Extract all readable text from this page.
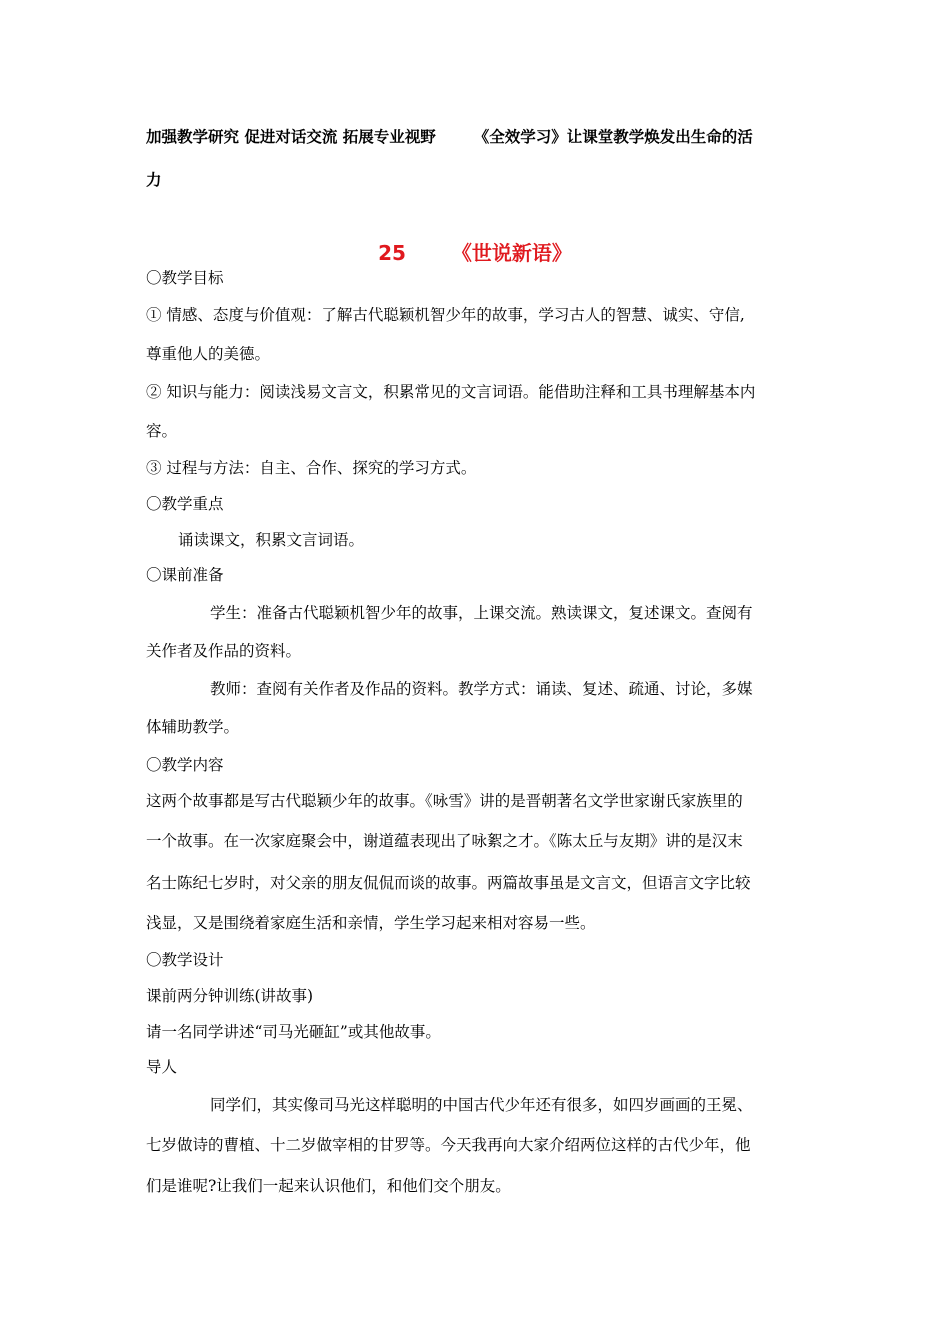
加强教学研究 促进对话交流 拓展专业视野 《全效学习》让课堂教学焕发出生命的活
力
25 《世说新语》
〇教学目标
① 情感、态度与价值观：了解古代聪颖机智少年的故事，学习古人的智慧、诚实、守信,
尊重他人的美德。
② 知识与能力：阅读浅易文言文，积累常见的文言词语。能借助注释和工具书理解基本内
容。
③ 过程与方法：自主、合作、探究的学习方式。
〇教学重点
诵读课文，积累文言词语。
〇课前准备
学生：准备古代聪颖机智少年的故事，上课交流。熟读课文，复述课文。查阅有
关作者及作品的资料。
教师：查阅有关作者及作品的资料。教学方式：诵读、复述、疏通、讨论，多媒
体辅助教学。
〇教学内容
这两个故事都是写古代聪颖少年的故事。《咏雪》讲的是晋朝著名文学世家谢氏家族里的
一个故事。在一次家庭聚会中，谢道蕴表现出了咏絮之才。《陈太丘与友期》讲的是汉末
名士陈纪七岁时，对父亲的朋友侃侃而谈的故事。两篇故事虽是文言文，但语言文字比较
浅显，又是围绕着家庭生活和亲情，学生学习起来相对容易一些。
〇教学设计
课前两分钟训练(讲故事)
请一名同学讲述“司马光砸缸”或其他故事。
导人
同学们，其实像司马光这样聪明的中国古代少年还有很多，如四岁画画的王冕、
七岁做诗的曹植、十二岁做宰相的甘罗等。今天我再向大家介绍两位这样的古代少年，他
们是谁呢?让我们一起来认识他们，和他们交个朋友。
